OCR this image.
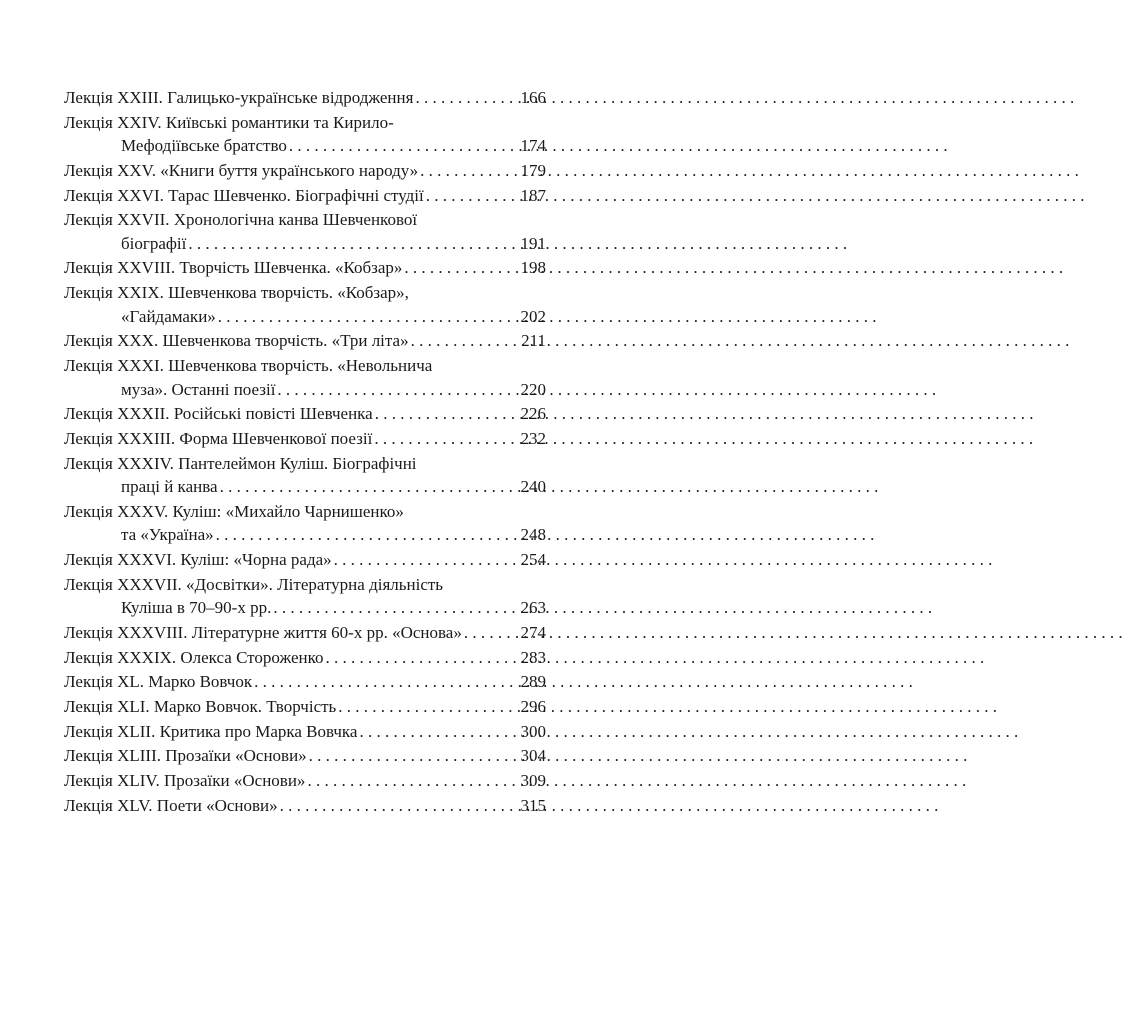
Лекція XXIII. Галицько-українське відродження . . .	166
Лекція XXIV. Київські романтики та Кирило-
Мефодіївське братство . . .	174
Лекція XXV. «Книги буття українського народу» . . .	179
Лекція XXVI. Тарас Шевченко. Біографічні студії . . .	187
Лекція XXVII. Хронологічна канва Шевченкової
біографії . . .	191
Лекція XXVIII. Творчість Шевченка. «Кобзар» . . .	198
Лекція XXIX. Шевченкова творчість. «Кобзар»,
«Гайдамаки» . . .	202
Лекція XXX. Шевченкова творчість. «Три літа» . . .	211
Лекція XXXI. Шевченкова творчість. «Невольнича
муза». Останні поезії . . .	220
Лекція XXXII. Російські повісті Шевченка . . .	226
Лекція XXXIII. Форма Шевченкової поезії . . .	232
Лекція XXXIV. Пантелеймон Куліш. Біографічні
праці й канва . . .	240
Лекція XXXV. Куліш: «Михайло Чарнишенко»
та «Україна» . . .	248
Лекція XXXVI. Куліш: «Чорна рада» . . .	254
Лекція XXXVII. «Досвітки». Літературна діяльність
Куліша в 70–90-х рр. . . .	263
Лекція XXXVIII. Літературне життя 60-х рр. «Основа» . . .	274
Лекція XXXIX. Олекса Стороженко . . .	283
Лекція XL. Марко Вовчок . . .	289
Лекція XLI. Марко Вовчок. Творчість . . .	296
Лекція XLII. Критика про Марка Вовчка . . .	300
Лекція XLIII. Прозаїки «Основи» . . .	304
Лекція XLIV. Прозаїки «Основи» . . .	309
Лекція XLV. Поети «Основи» . . .	315
